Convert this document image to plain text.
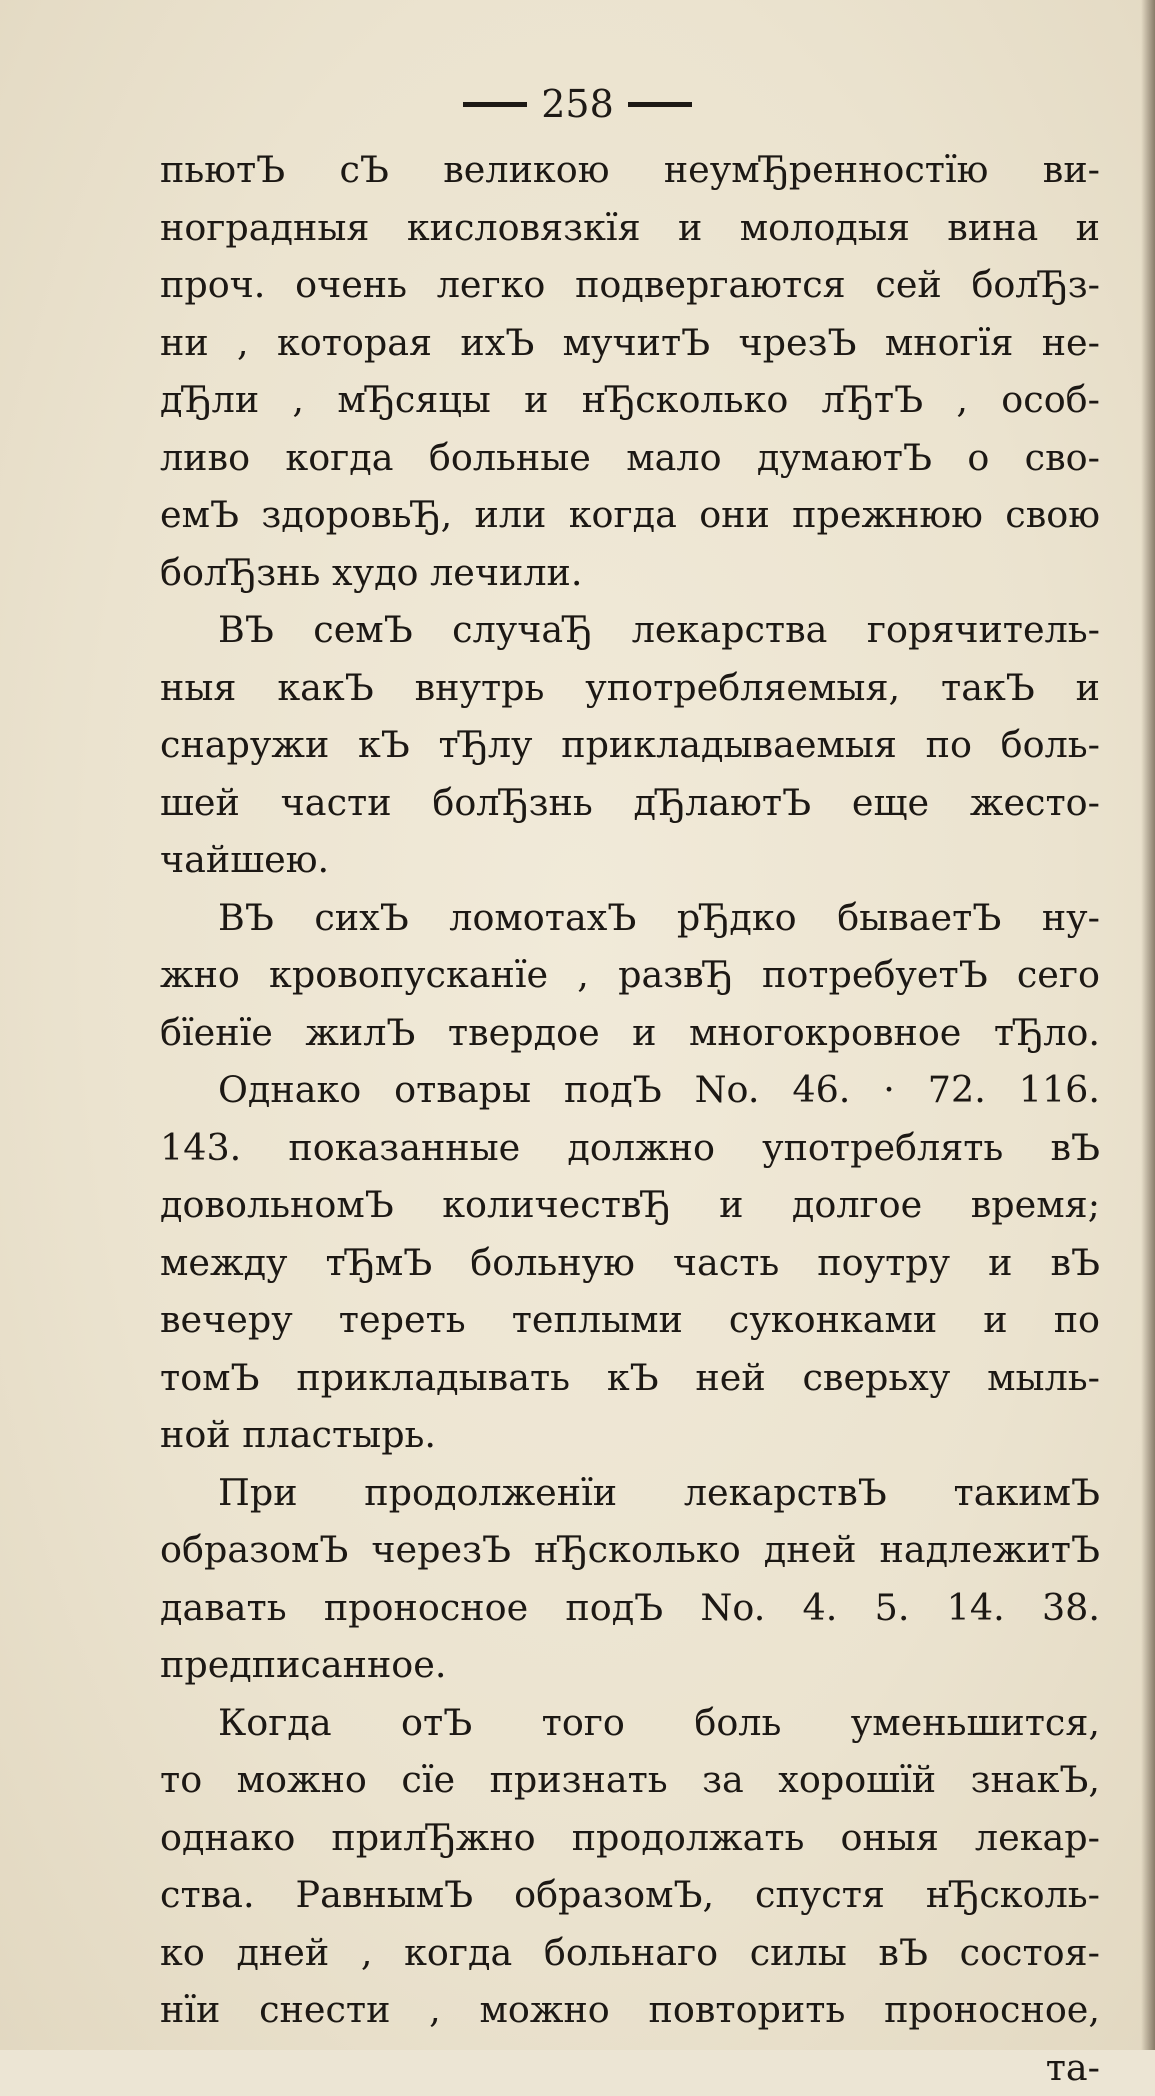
258
пьютЪ сЪ великою неумЂренностїю ви-
ноградныя кисловязкїя и молодыя вина и
проч. очень легко подвергаются сей болЂз-
ни , которая ихЪ мучитЪ чрезЪ многїя не-
дЂли , мЂсяцы и нЂсколько лЂтЪ , особ-
ливо когда больные мало думаютЪ о сво-
емЪ здоровьЂ, или когда они прежнюю свою
болЂзнь худо лечили.
ВЪ семЪ случаЂ лекарства горячитель-
ныя какЪ внутрь употребляемыя, такЪ и
снаружи кЪ тЂлу прикладываемыя по боль-
шей части болЂзнь дЂлаютЪ еще жесто-
чайшею.
ВЪ сихЪ ломотахЪ рЂдко бываетЪ ну-
жно кровопусканїе , развЂ потребуетЪ сего
бїенїе жилЪ твердое и многокровное тЂло.
Однако отвары подЪ No. 46. · 72. 116.
143. показанные должно употреблять вЪ
довольномЪ количествЂ и долгое время;
между тЂмЪ больную часть поутру и вЪ
вечеру тереть теплыми суконками и по
томЪ прикладывать кЪ ней сверьху мыль-
ной пластырь.
При продолженїи лекарствЪ такимЪ
образомЪ черезЪ нЂсколько дней надлежитЪ
давать проносное подЪ No. 4. 5. 14. 38.
предписанное.
Когда отЪ того боль уменьшится,
то можно сїе признать за хорошїй знакЪ,
однако прилЂжно продолжать оныя лекар-
ства. РавнымЪ образомЪ, спустя нЂсколь-
ко дней , когда больнаго силы вЪ состоя-
нїи снести , можно повторить проносное,
та-
